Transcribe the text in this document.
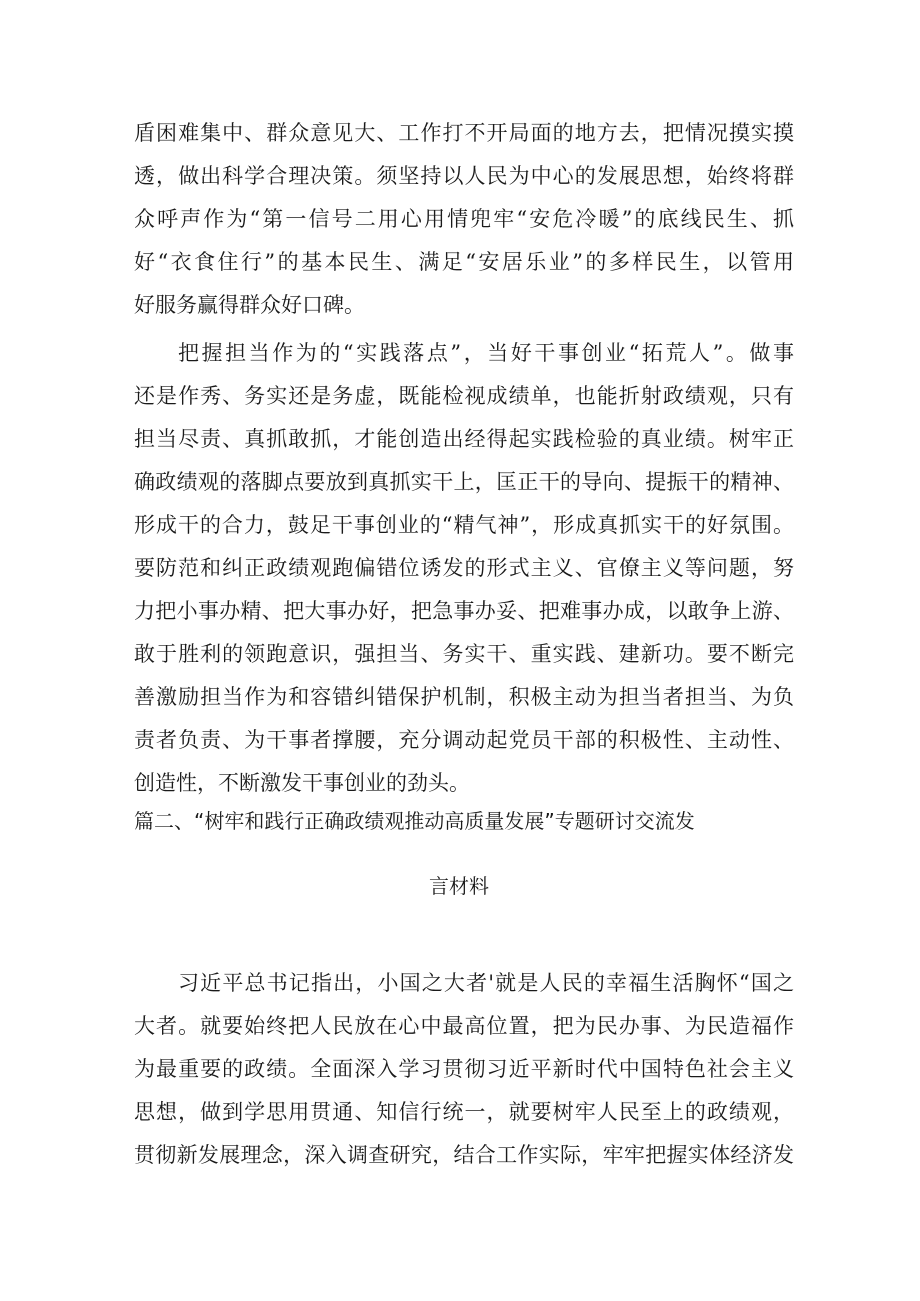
盾困难集中、群众意见大、工作打不开局面的地方去，把情况摸实摸
透，做出科学合理决策。须坚持以人民为中心的发展思想，始终将群
众呼声作为“第一信号二用心用情兜牢“安危冷暖”的底线民生、抓
好“衣食住行”的基本民生、满足“安居乐业”的多样民生，以管用
好服务赢得群众好口碑。
把握担当作为的“实践落点”，当好干事创业“拓荒人”。做事
还是作秀、务实还是务虚，既能检视成绩单，也能折射政绩观，只有
担当尽责、真抓敢抓，才能创造出经得起实践检验的真业绩。树牢正
确政绩观的落脚点要放到真抓实干上，匡正干的导向、提振干的精神、
形成干的合力，鼓足干事创业的“精气神”，形成真抓实干的好氛围。
要防范和纠正政绩观跑偏错位诱发的形式主义、官僚主义等问题，努
力把小事办精、把大事办好，把急事办妥、把难事办成，以敢争上游、
敢于胜利的领跑意识，强担当、务实干、重实践、建新功。要不断完
善激励担当作为和容错纠错保护机制，积极主动为担当者担当、为负
责者负责、为干事者撑腰，充分调动起党员干部的积极性、主动性、
创造性，不断激发干事创业的劲头。
篇二、“树牢和践行正确政绩观推动高质量发展”专题研讨交流发
言材料
习近平总书记指出，小国之大者'就是人民的幸福生活胸怀“国之
大者。就要始终把人民放在心中最高位置，把为民办事、为民造福作
为最重要的政绩。全面深入学习贯彻习近平新时代中国特色社会主义
思想，做到学思用贯通、知信行统一，就要树牢人民至上的政绩观，
贯彻新发展理念，深入调查研究，结合工作实际，牢牢把握实体经济发
